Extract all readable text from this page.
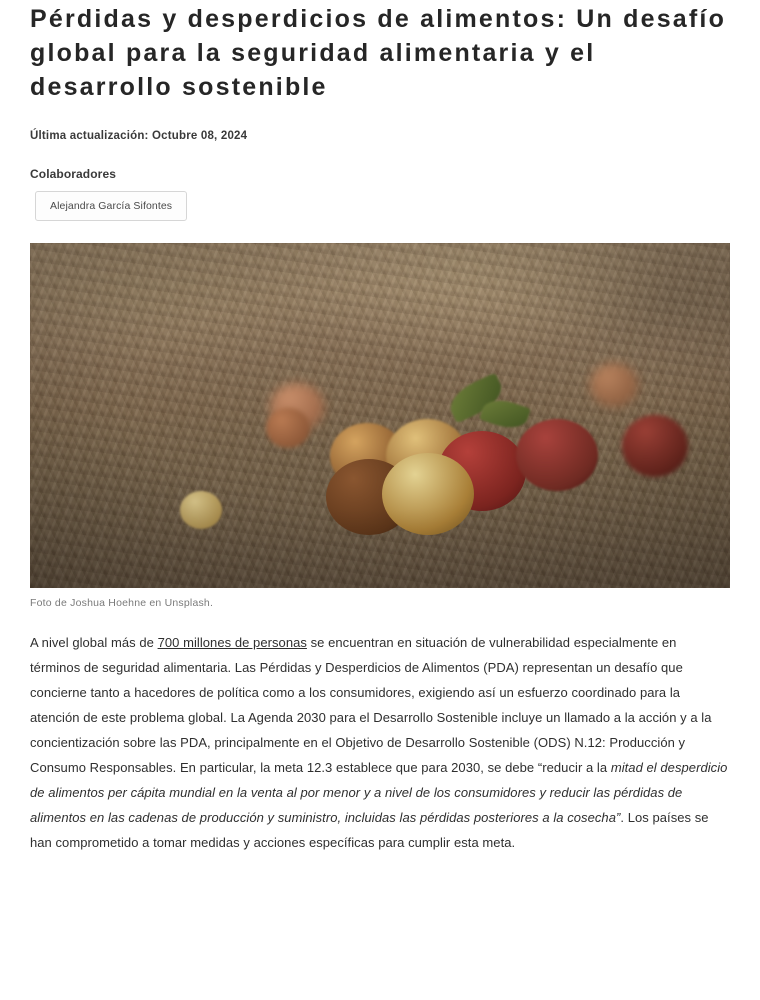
Pérdidas y desperdicios de alimentos: Un desafío global para la seguridad alimentaria y el desarrollo sostenible
Última actualización: Octubre 08, 2024
Colaboradores
Alejandra García Sifontes
Foto de Joshua Hoehne en Unsplash.

A nivel global más de 700 millones de personas se encuentran en situación de vulnerabilidad especialmente en términos de seguridad alimentaria. Las Pérdidas y Desperdicios de Alimentos (PDA) representan un desafío que concierne tanto a hacedores de política como a los consumidores, exigiendo así un esfuerzo coordinado para la atención de este problema global. La Agenda 2030 para el Desarrollo Sostenible incluye un llamado a la acción y a la concientización sobre las PDA, principalmente en el Objetivo de Desarrollo Sostenible (ODS) N.12: Producción y Consumo Responsables. En particular, la meta 12.3 establece que para 2030, se debe “reducir a la mitad el desperdicio de alimentos per cápita mundial en la venta al por menor y a nivel de los consumidores y reducir las pérdidas de alimentos en las cadenas de producción y suministro, incluidas las pérdidas posteriores a la cosecha”. Los países se han comprometido a tomar medidas y acciones específicas para cumplir esta meta.
